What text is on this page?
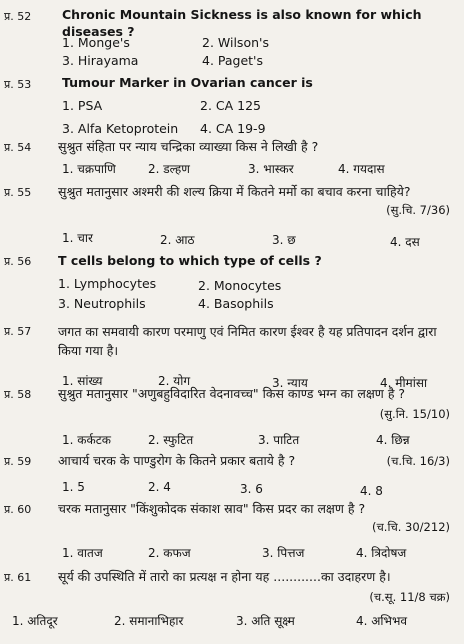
प्र. 52 Chronic Mountain Sickness is also known for which diseases ?
1. Monge's	2. Wilson's
3. Hirayama	4. Paget's
प्र. 53 Tumour Marker in Ovarian cancer is
1. PSA	2. CA 125
3. Alfa Ketoprotein 4. CA 19-9
प्र. 54 सुश्रुत संहिता पर न्याय चन्द्रिका व्याख्या किस ने लिखी है ?
1. चक्रपाणि	2. डल्हण	3. भास्कर	4. गयदास
प्र. 55 सुश्रुत मतानुसार अश्मरी की शल्य क्रिया में कितने मर्मो का बचाव करना चाहिये?
(सु.चि. 7/36)
1. चार	2. आठ	3. छ	4. दस
प्र. 56 T cells belong to which type of cells ?
1. Lymphocytes	2. Monocytes
3. Neutrophils	4. Basophils
प्र. 57 जगत का समवायी कारण परमाणु एवं निमित कारण ईश्वर है यह प्रतिपादन दर्शन द्वारा किया गया है।
1. सांख्य	2. योग	3. न्याय	4. मीमांसा
प्र. 58 सुश्रुत मतानुसार "अणुबहुविदारित वेदनावच्च" किस काण्ड भग्न का लक्षण है ?
(सु.नि. 15/10)
1. कर्कटक	2. स्फुटित	3. पाटित	4. छिन्न
प्र. 59 आचार्य चरक के पाण्डुरोग के कितने प्रकार बताये है ?	(च.चि. 16/3)
1. 5	2. 4	3. 6	4. 8
प्र. 60 चरक मतानुसार "किंशुकोदक संकाश स्राव" किस प्रदर का लक्षण है ?
(च.चि. 30/212)
1. वातज	2. कफज	3. पित्तज	4. त्रिदोषज
प्र. 61 सूर्य की उपस्थिति में तारो का प्रत्यक्ष न होना यह ............का उदाहरण है।
(च.सू. 11/8 चक्र)
1. अतिदूर	2. समानाभिहार	3. अति सूक्ष्म	4. अभिभव
